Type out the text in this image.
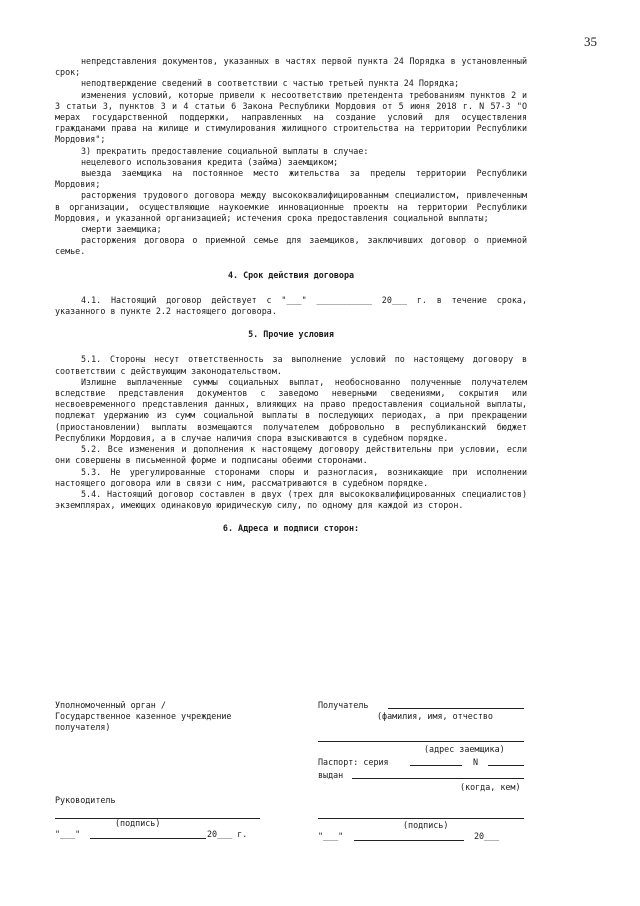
35

непредставления документов, указанных в частях первой пункта 24 Порядка в установленный срок;

неподтверждение сведений в соответствии с частью третьей пункта 24 Порядка;

изменения условий, которые привели к несоответствию претендента требованиям пунктов 2 и 3 статьи 3, пунктов 3 и 4 статьи 6 Закона Республики Мордовия от 5 июня 2018 г. N 57-З "О мерах государственной поддержки, направленных на создание условий для осуществления гражданами права на жилище и стимулирования жилищного строительства на территории Республики Мордовия";

3) прекратить предоставление социальной выплаты в случае:

нецелевого использования кредита (займа) заемщиком;

выезда заемщика на постоянное место жительства за пределы территории Республики Мордовия;

расторжения трудового договора между высококвалифицированным специалистом, привлеченным в организации, осуществляющие наукоемкие инновационные проекты на территории Республики Мордовия, и указанной организацией; истечения срока предоставления социальной выплаты;

смерти заемщика;

расторжения договора о приемной семье для заемщиков, заключивших договор о приемной семье.

4. Срок действия договора

4.1. Настоящий договор действует с "___" ___________ 20___ г. в течение срока, указанного в пункте 2.2 настоящего договора.

5. Прочие условия

5.1. Стороны несут ответственность за выполнение условий по настоящему договору в соответствии с действующим законодательством.

Излишне выплаченные суммы социальных выплат, необоснованно полученные получателем вследствие представления документов с заведомо неверными сведениями, сокрытия или несвоевременного представления данных, влияющих на право предоставления социальной выплаты, подлежат удержанию из сумм социальной выплаты в последующих периодах, а при прекращении (приостановлении) выплаты возмещаются получателем добровольно в республиканский бюджет Республики Мордовия, а в случае наличия спора взыскиваются в судебном порядке.

5.2. Все изменения и дополнения к настоящему договору действительны при условии, если они совершены в письменной форме и подписаны обеими сторонами.

5.3. Не урегулированные сторонами споры и разногласия, возникающие при исполнении настоящего договора или в связи с ним, рассматриваются в судебном порядке.

5.4. Настоящий договор составлен в двух (трех для высококвалифицированных специалистов) экземплярах, имеющих одинаковую юридическую силу, по одному для каждой из сторон.

6. Адреса и подписи сторон:

Уполномоченный орган /
Государственное казенное учреждение
получателя)
Получатель
(фамилия, имя, отчество
(адрес заемщика)
Паспорт: серия	N
выдан
(когда, кем)
Руководитель
(подпись)	(подпись)
"___"	20___ г.	"___"	20___
